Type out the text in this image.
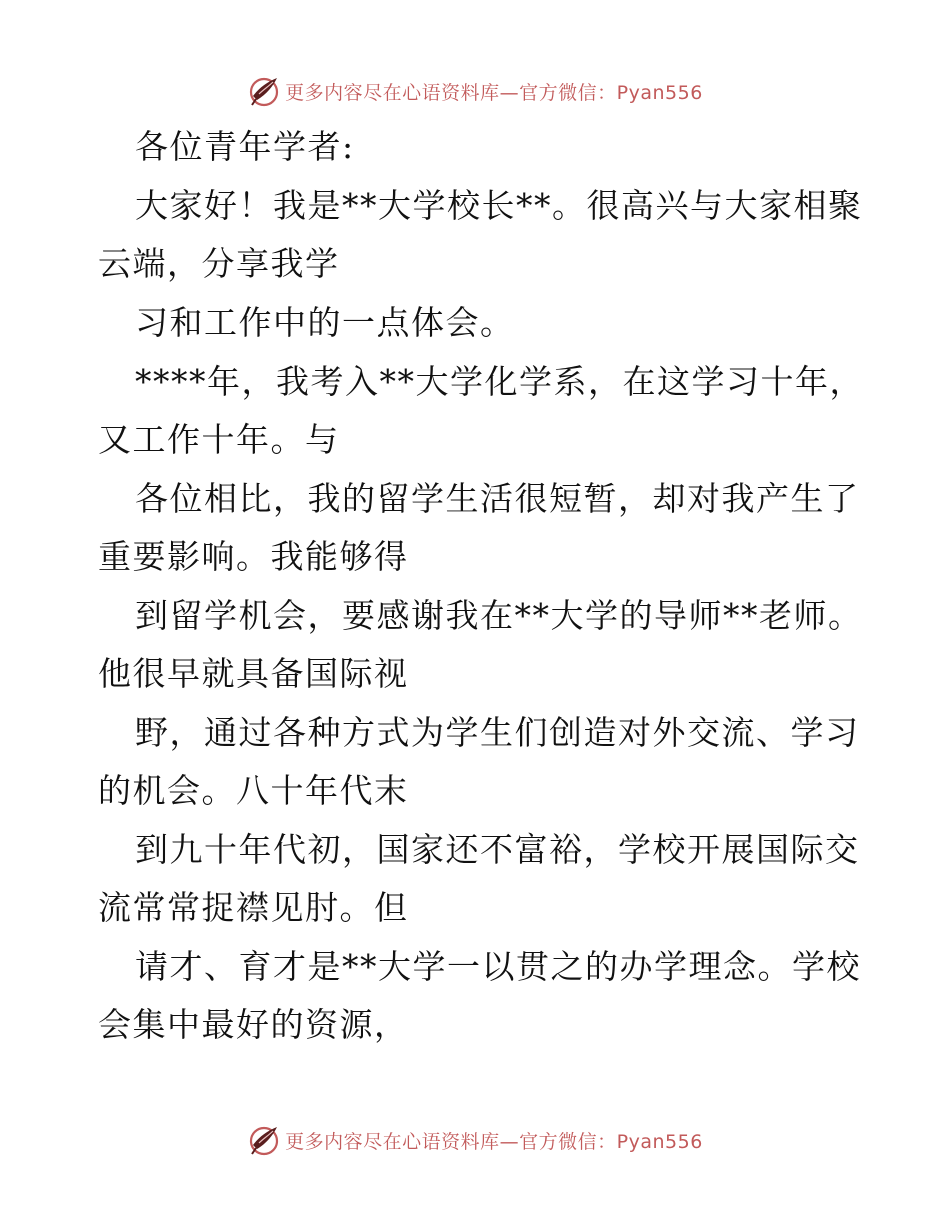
更多内容尽在心语资料库—官方微信：Pyan556
各位青年学者:
大家好！我是**大学校长**。很高兴与大家相聚
云端，分享我学
习和工作中的一点体会。
****年，我考入**大学化学系，在这学习十年，
又工作十年。与
各位相比，我的留学生活很短暂，却对我产生了
重要影响。我能够得
到留学机会，要感谢我在**大学的导师**老师。
他很早就具备国际视
野，通过各种方式为学生们创造对外交流、学习
的机会。八十年代末
到九十年代初，国家还不富裕，学校开展国际交
流常常捉襟见肘。但
请才、育才是**大学一以贯之的办学理念。学校
会集中最好的资源，
更多内容尽在心语资料库—官方微信：Pyan556
